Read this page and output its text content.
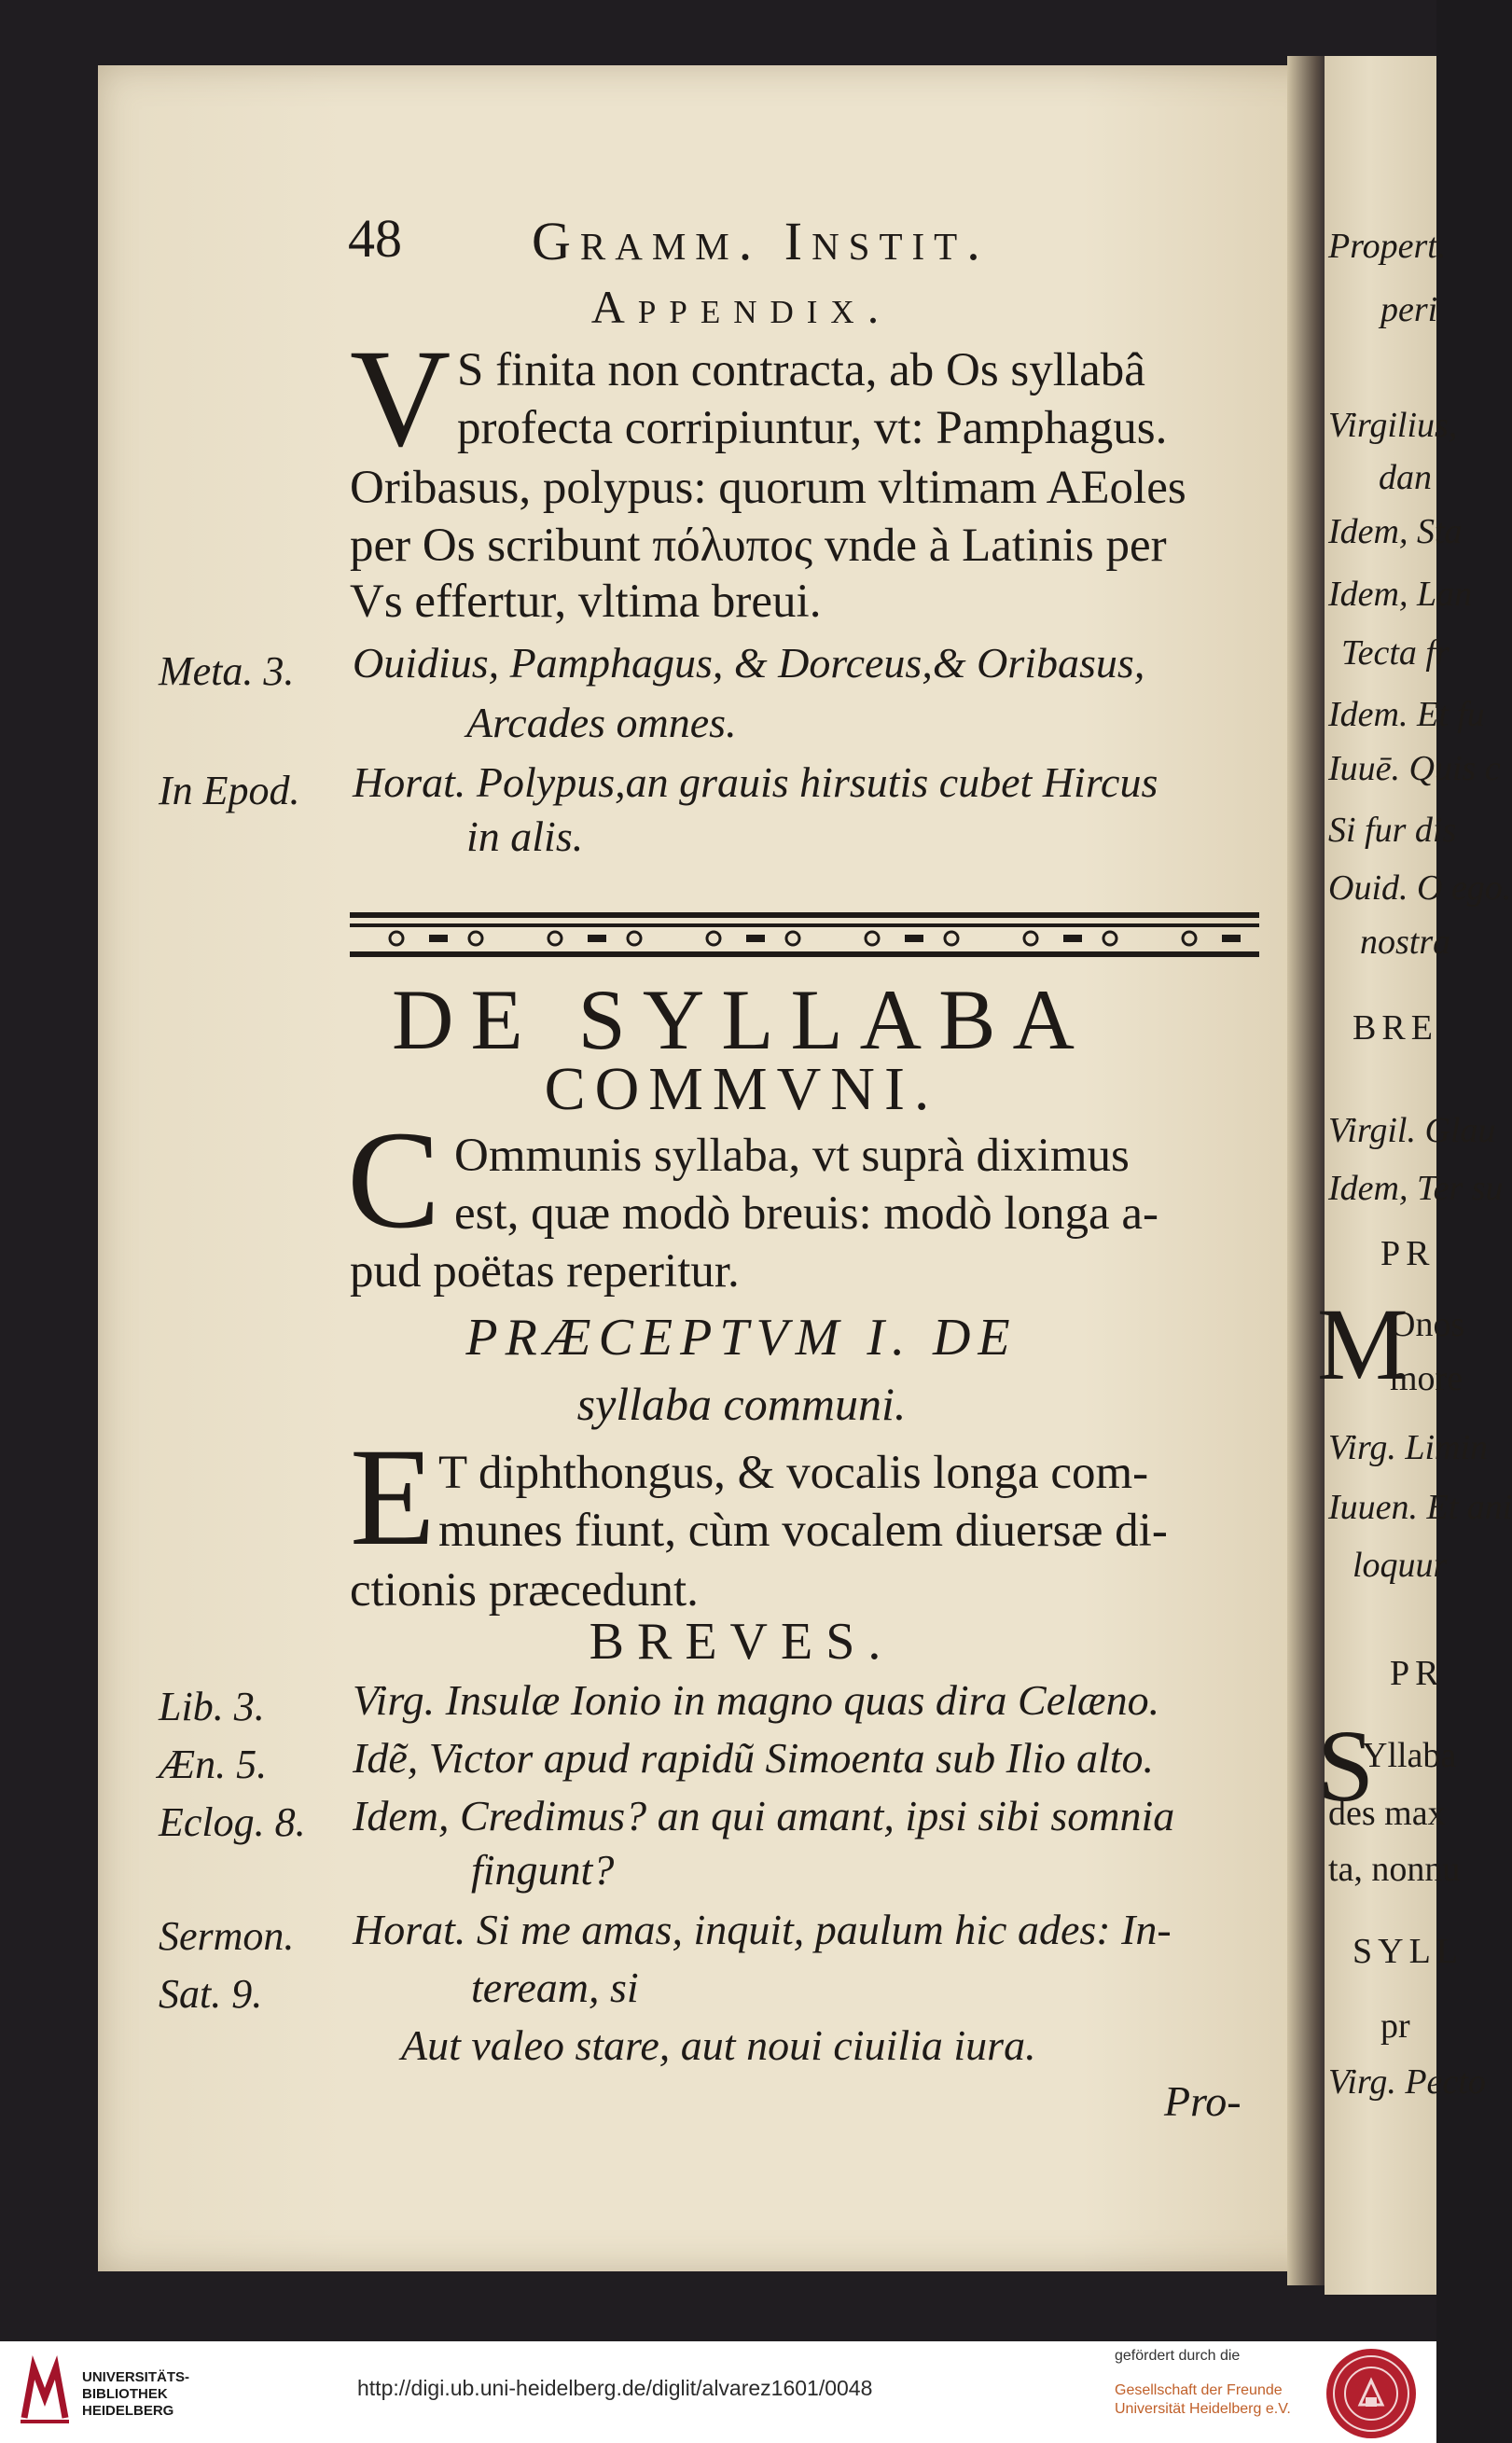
Propert.
peri
Virgilius,
dan
Idem, Sta
Idem, Lan
Tecta fr
Idem. Et fu
Iuuē. Quis c
Si fur dis
Ouid. O ego.
nostra
BRE
Virgil. Glau
Idem, Ter su
PR
M
Onos
more
Virg. Limin
Iuuen. Et ani
loquur
PR
S
Yllaba
des max
ta, nonnu
SYLL
pr
Virg. Pecto
48 Gramm. Instit.
Appendix.
V S finita non contracta, ab Os syllabâ
profecta corripiuntur, vt: Pamphagus.
Oribasus, polypus: quorum vltimam AEoles
per Os scribunt πόλυπος vnde à Latinis per
Vs effertur, vltima breui.
Meta. 3. Ouidius, Pamphagus, & Dorceus,& Oribasus,
Arcades omnes.
In Epod. Horat. Polypus,an grauis hirsutis cubet Hircus
in alis.
DE SYLLABA
COMMVNI.
C Ommunis syllaba, vt suprà diximus
est, quæ modò breuis: modò longa a-
pud poëtas reperitur.
PRÆCEPTVM I. DE
syllaba communi.
E T diphthongus, & vocalis longa com-
munes fiunt, cùm vocalem diuersæ di-
ctionis præcedunt.
BREVES.
Lib. 3. Virg. Insulæ Ionio in magno quas dira Celæno.
Æn. 5. Idẽ, Victor apud rapidũ Simoenta sub Ilio alto.
Eclog. 8. Idem, Credimus? an qui amant, ipsi sibi somnia
fingunt?
Sermon. Horat. Si me amas, inquit, paulum hic ades: In-
Sat. 9.	teream, si
Aut valeo stare, aut noui ciuilia iura.
Pro-
UNIVERSITÄTS-
BIBLIOTHEK
HEIDELBERG
http://digi.ub.uni-heidelberg.de/diglit/alvarez1601/0048
gefördert durch die
Gesellschaft der Freunde
Universität Heidelberg e.V.
